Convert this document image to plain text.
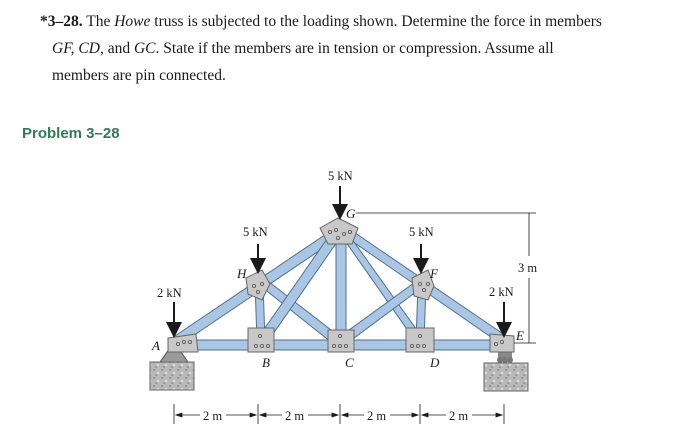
*3–28. The Howe truss is subjected to the loading shown. Determine the force in members
GF, CD, and GC. State if the members are in tension or compression. Assume all
members are pin connected.
Problem 3–28
5 kN
5 kN	5 kN
2 kN	2 kN
G
H	F
A
B	C	D
E
3 m
2 m	2 m	2 m	2 m
